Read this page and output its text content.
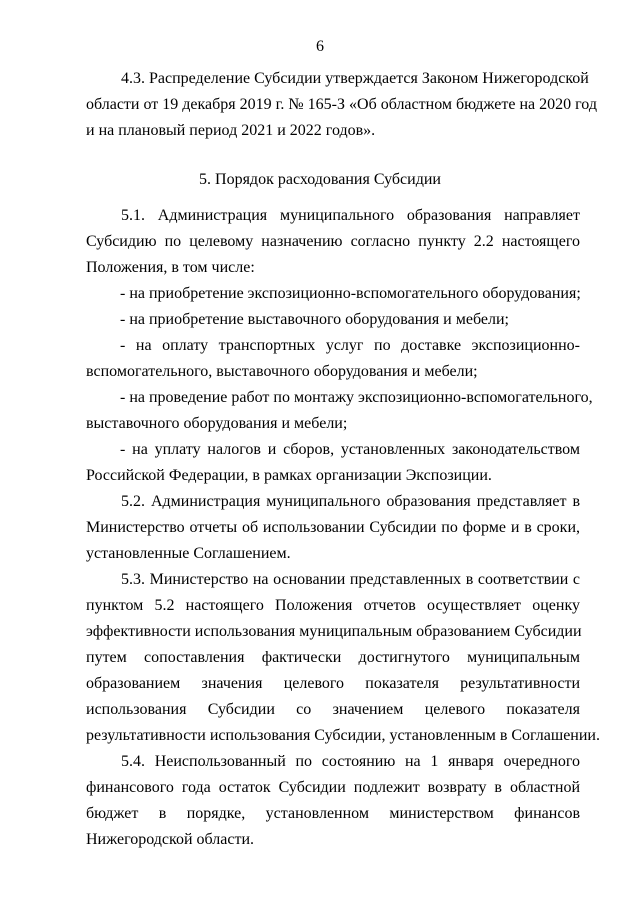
6
4.3. Распределение Субсидии утверждается Законом Нижегородской
области от 19 декабря 2019 г. № 165-З «Об областном бюджете на 2020 год
и на плановый период 2021 и 2022 годов».
5. Порядок расходования Субсидии
5.1. Администрация муниципального образования направляет
Субсидию по целевому назначению согласно пункту 2.2 настоящего
Положения, в том числе:
- на приобретение экспозиционно-вспомогательного оборудования;
- на приобретение выставочного оборудования и мебели;
- на оплату транспортных услуг по доставке экспозиционно-
вспомогательного, выставочного оборудования и мебели;
- на проведение работ по монтажу экспозиционно-вспомогательного,
выставочного оборудования и мебели;
- на уплату налогов и сборов, установленных законодательством
Российской Федерации, в рамках организации Экспозиции.
5.2. Администрация муниципального образования представляет в
Министерство отчеты об использовании Субсидии по форме и в сроки,
установленные Соглашением.
5.3. Министерство на основании представленных в соответствии с
пунктом 5.2 настоящего Положения отчетов осуществляет оценку
эффективности использования муниципальным образованием Субсидии
путем сопоставления фактически достигнутого муниципальным
образованием значения целевого показателя результативности
использования Субсидии со значением целевого показателя
результативности использования Субсидии, установленным в Соглашении.
5.4. Неиспользованный по состоянию на 1 января очередного
финансового года остаток Субсидии подлежит возврату в областной
бюджет в порядке, установленном министерством финансов
Нижегородской области.
